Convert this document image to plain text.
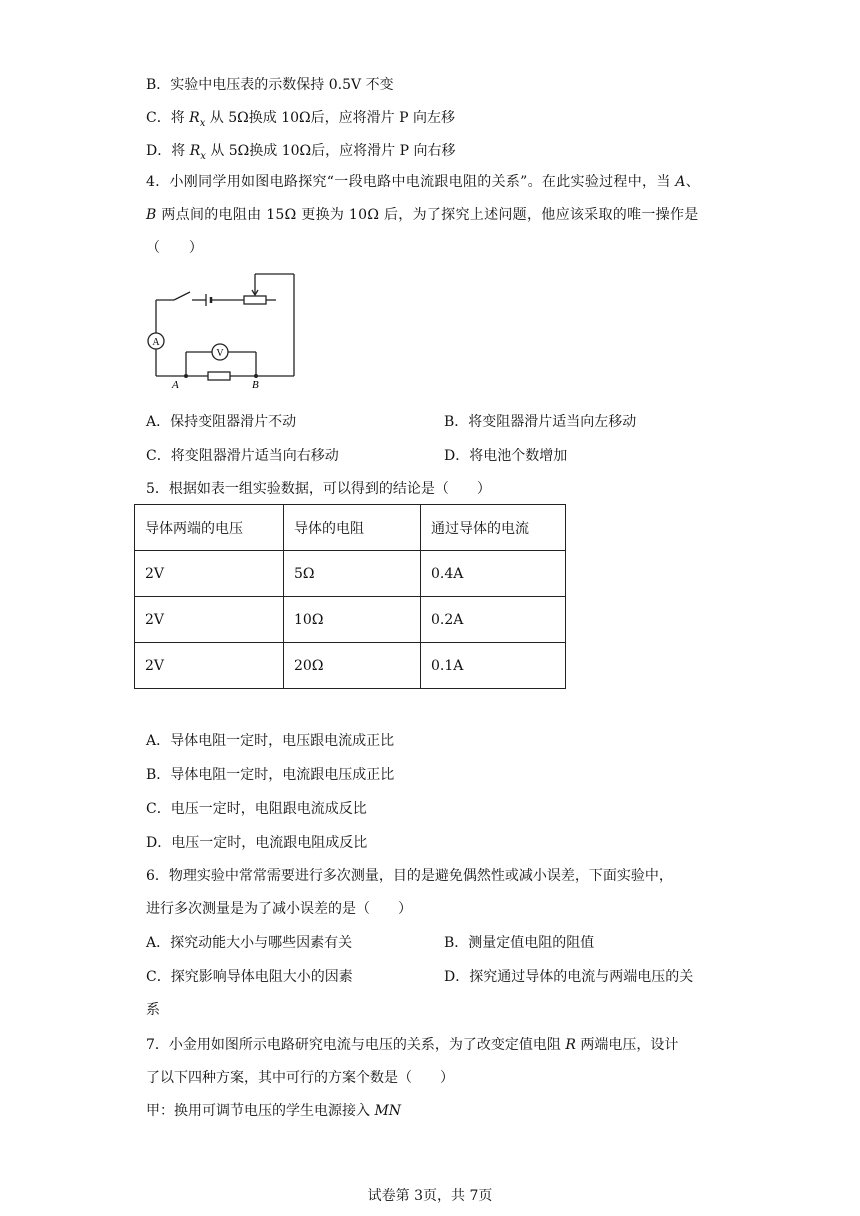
B．实验中电压表的示数保持 0.5V 不变
C．将 $R_x$ 从 5Ω换成 10Ω后，应将滑片 P 向左移
D．将 $R_x$ 从 5Ω换成 10Ω后，应将滑片 P 向右移
4．小刚同学用如图电路探究“一段电路中电流跟电阻的关系”。在此实验过程中，当 A、
B 两点间的电阻由 15Ω 更换为 10Ω 后，为了探究上述问题，他应该采取的唯一操作是
（　　）
A
V
A	B
A．保持变阻器滑片不动	B．将变阻器滑片适当向左移动
C．将变阻器滑片适当向右移动	D．将电池个数增加
5．根据如表一组实验数据，可以得到的结论是（　　）
导体两端的电压	导体的电阻	通过导体的电流
2V	5Ω	0.4A
2V	10Ω	0.2A
2V	20Ω	0.1A
A．导体电阻一定时，电压跟电流成正比
B．导体电阻一定时，电流跟电压成正比
C．电压一定时，电阻跟电流成反比
D．电压一定时，电流跟电阻成反比
6．物理实验中常常需要进行多次测量，目的是避免偶然性或减小误差，下面实验中，
进行多次测量是为了减小误差的是（　　）
A．探究动能大小与哪些因素有关	B．测量定值电阻的阻值
C．探究影响导体电阻大小的因素	D．探究通过导体的电流与两端电压的关
系
7．小金用如图所示电路研究电流与电压的关系，为了改变定值电阻 R 两端电压，设计
了以下四种方案，其中可行的方案个数是（　　）
甲：换用可调节电压的学生电源接入 MN
试卷第 3页，共 7页
